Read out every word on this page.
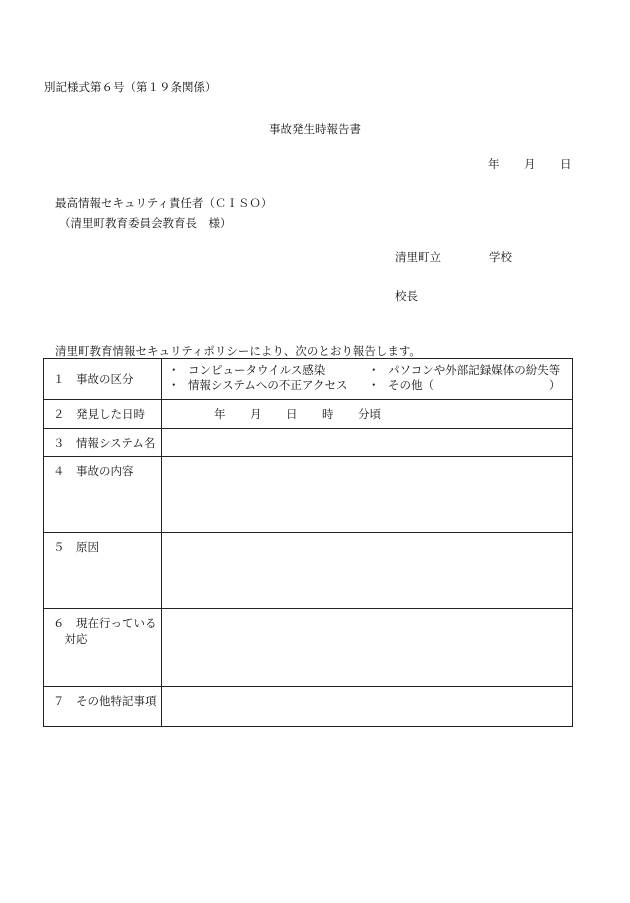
別記様式第６号（第１９条関係）
事故発生時報告書
年 月 日
最高情報セキュリティ責任者（ＣＩＳＯ）
（清里町教育委員会教育長　様）
清里町立	学校
校長
清里町教育情報セキュリティポリシーにより、次のとおり報告します。
１　事故の区分	・ コンピュータウイルス感染 ・ パソコンや外部記録媒体の紛失等
・ 情報システムへの不正アクセス ・ その他（　　　　　　　　　　）

２　発見した日時	年 月 日 時 分頃

３　情報システム名	
４　事故の内容	
５　原因	
６　現在行っている
　対応	
７　その他特記事項	
